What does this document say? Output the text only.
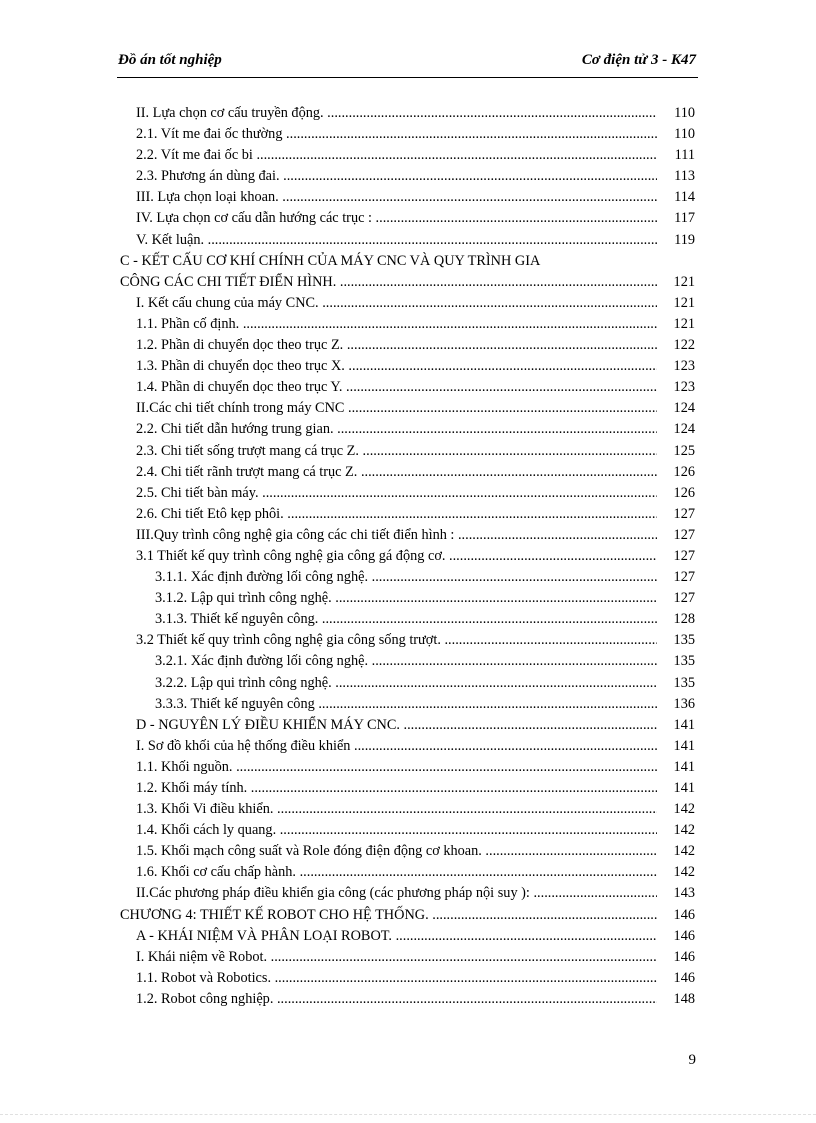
Đồ án tốt nghiệp	Cơ điện tử 3 - K47
II. Lựa chọn cơ cấu truyền động. .....	110
2.1. Vít me đai ốc thường .....	110
2.2. Vít me đai ốc bi .....	111
2.3. Phương án dùng đai. .....	113
III. Lựa chọn loại khoan. .....	114
IV. Lựa chọn cơ cấu dẫn hướng các trục : .....	117
V. Kết luận. .....	119
C - KẾT CẤU CƠ KHÍ CHÍNH CỦA MÁY CNC VÀ QUY TRÌNH GIA
CÔNG CÁC CHI TIẾT ĐIỂN HÌNH. .....	121
I. Kết cấu chung của máy CNC. .....	121
1.1. Phần cố định. .....	121
1.2. Phần di chuyển dọc theo trục Z. .....	122
1.3. Phần di chuyển dọc theo trục X. .....	123
1.4. Phần di chuyển dọc theo trục Y. .....	123
II.Các chi tiết chính trong máy CNC .....	124
2.2. Chi tiết dẫn hướng trung gian. .....	124
2.3. Chi tiết sống trượt mang cá trục Z. .....	125
2.4. Chi tiết rãnh trượt mang cá trục Z. .....	126
2.5. Chi tiết bàn máy. .....	126
2.6. Chi tiết Etô kẹp phôi. .....	127
III.Quy trình công nghệ gia công các chi tiết điển hình : .....	127
3.1 Thiết kế quy trình công nghệ gia công gá động cơ. .....	127
3.1.1. Xác định đường lối công nghệ. .....	127
3.1.2. Lập qui trình công nghệ. .....	127
3.1.3. Thiết kế nguyên công. .....	128
3.2 Thiết kế quy trình công nghệ gia công sống trượt. .....	135
3.2.1. Xác định đường lối công nghệ. .....	135
3.2.2. Lập qui trình công nghệ. .....	135
3.3.3. Thiết kế nguyên công .....	136
D - NGUYÊN LÝ ĐIỀU KHIỂN MÁY CNC. .....	141
I. Sơ đồ khối của hệ thống điều khiển .....	141
1.1. Khối nguồn. .....	141
1.2. Khối máy tính. .....	141
1.3. Khối Vi điều khiển. .....	142
1.4. Khối cách ly quang. .....	142
1.5. Khối mạch công suất và Role đóng điện động cơ khoan. .....	142
1.6. Khối cơ cấu chấp hành. .....	142
II.Các phương pháp điều khiển gia công (các phương pháp nội suy ): .....	143
CHƯƠNG 4: THIẾT KẾ ROBOT CHO HỆ THỐNG. .....	146
A - KHÁI NIỆM VÀ PHÂN LOẠI ROBOT. .....	146
I. Khái niệm về Robot. .....	146
1.1. Robot và Robotics. .....	146
1.2. Robot công nghiệp. .....	148
9
